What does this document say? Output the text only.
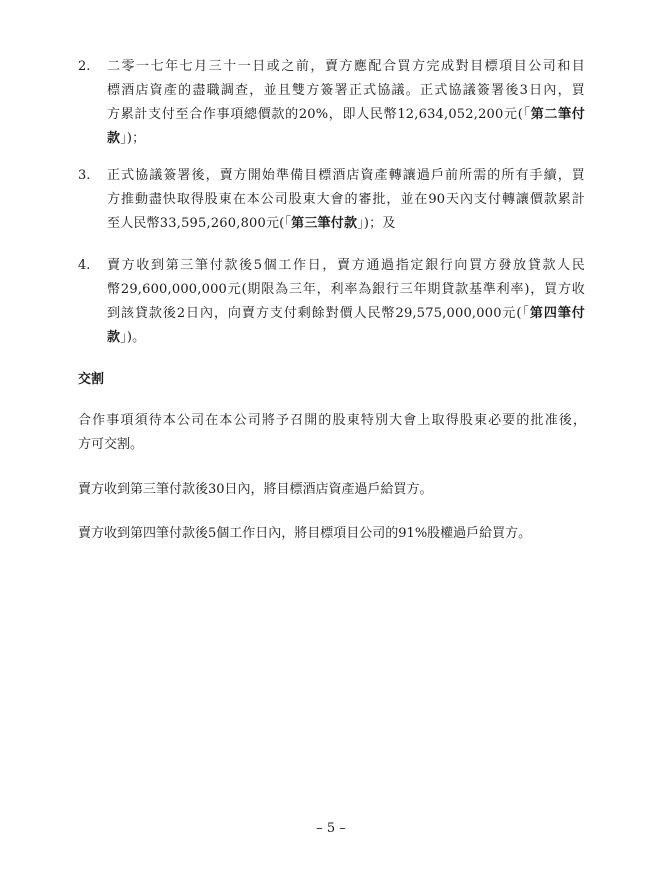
2. 二零一七年七月三十一日或之前，賣方應配合買方完成對目標項目公司和目
標酒店資產的盡職調查，並且雙方簽署正式協議。正式協議簽署後3日內，買
方累計支付至合作事項總價款的20%，即人民幣12,634,052,200元(「第二筆付
款」)；
3. 正式協議簽署後，賣方開始準備目標酒店資產轉讓過戶前所需的所有手續，買
方推動盡快取得股東在本公司股東大會的審批，並在90天內支付轉讓價款累計
至人民幣33,595,260,800元(「第三筆付款」)；及
4. 賣方收到第三筆付款後5個工作日，賣方通過指定銀行向買方發放貸款人民
幣29,600,000,000元(期限為三年，利率為銀行三年期貸款基準利率)，買方收
到該貸款後2日內，向賣方支付剩餘對價人民幣29,575,000,000元(「第四筆付
款」)。
交割
合作事項須待本公司在本公司將予召開的股東特別大會上取得股東必要的批准後，
方可交割。
賣方收到第三筆付款後30日內，將目標酒店資產過戶給買方。
賣方收到第四筆付款後5個工作日內，將目標項目公司的91%股權過戶給買方。
– 5 –
